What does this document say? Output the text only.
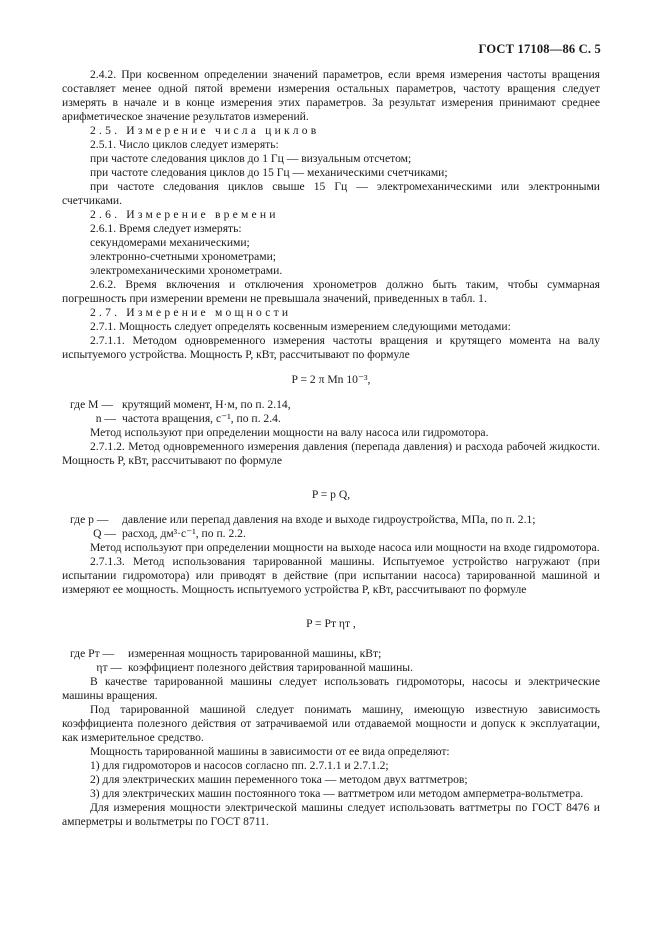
ГОСТ 17108—86 С. 5

2.4.2. При косвенном определении значений параметров, если время измерения частоты вращения составляет менее одной пятой времени измерения остальных параметров, частоту вращения следует измерять в начале и в конце измерения этих параметров. За результат измерения принимают среднее арифметическое значение результатов измерений.

2.5. Измерение числа циклов

2.5.1. Число циклов следует измерять:

при частоте следования циклов до 1 Гц — визуальным отсчетом;

при частоте следования циклов до 15 Гц — механическими счетчиками;

при частоте следования циклов свыше 15 Гц — электромеханическими или электронными счетчиками.

2.6. Измерение времени

2.6.1. Время следует измерять:

секундомерами механическими;

электронно-счетными хронометрами;

электромеханическими хронометрами.

2.6.2. Время включения и отключения хронометров должно быть таким, чтобы суммарная погрешность при измерении времени не превышала значений, приведенных в табл. 1.

2.7. Измерение мощности

2.7.1. Мощность следует определять косвенным измерением следующими методами:

2.7.1.1. Методом одновременного измерения частоты вращения и крутящего момента на валу испытуемого устройства. Мощность P, кВт, рассчитывают по формуле

P = 2 π Mn 10⁻³,

где M — крутящий момент, Н·м, по п. 2.14,
n — частота вращения, с⁻¹, по п. 2.4.

Метод используют при определении мощности на валу насоса или гидромотора.

2.7.1.2. Метод одновременного измерения давления (перепада давления) и расхода рабочей жидкости. Мощность P, кВт, рассчитывают по формуле

P = p Q,

где p —	давление или перепад давления на входе и выходе гидроустройства, МПа, по п. 2.1;
Q — расход, дм³·с⁻¹, по п. 2.2.

Метод используют при определении мощности на выходе насоса или мощности на входе гидромотора.

2.7.1.3. Метод использования тарированной машины. Испытуемое устройство нагружают (при испытании гидромотора) или приводят в действие (при испытании насоса) тарированной машиной и измеряют ее мощность. Мощность испытуемого устройства P, кВт, рассчитывают по формуле

P = Pт ηт ,

где Pт —	измеренная мощность тарированной машины, кВт;
ηт — коэффициент полезного действия тарированной машины.

В качестве тарированной машины следует использовать гидромоторы, насосы и электрические машины вращения.

Под тарированной машиной следует понимать машину, имеющую известную зависимость коэффициента полезного действия от затрачиваемой или отдаваемой мощности и допуск к эксплуатации, как измерительное средство.

Мощность тарированной машины в зависимости от ее вида определяют:

1) для гидромоторов и насосов согласно пп. 2.7.1.1 и 2.7.1.2;

2) для электрических машин переменного тока — методом двух ваттметров;

3) для электрических машин постоянного тока — ваттметром или методом амперметра-вольтметра.

Для измерения мощности электрической машины следует использовать ваттметры по ГОСТ 8476 и амперметры и вольтметры по ГОСТ 8711.
